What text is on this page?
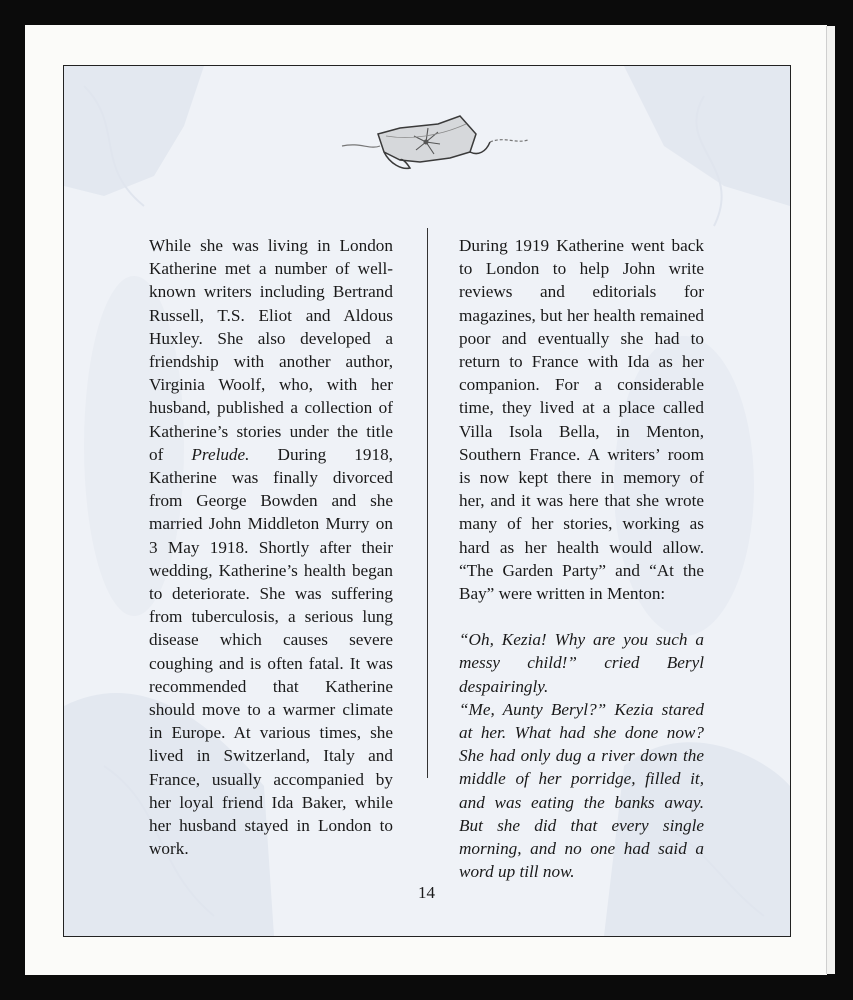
While she was living in London Katherine met a number of well-known writers including Bertrand Russell, T.S. Eliot and Aldous Huxley. She also developed a friendship with another author, Virginia Woolf, who, with her husband, published a collection of Katherine’s stories under the title of Prelude. During 1918, Katherine was finally divorced from George Bowden and she married John Middleton Murry on 3 May 1918. Shortly after their wedding, Katherine’s health began to deteriorate. She was suffering from tuberculosis, a serious lung disease which causes severe coughing and is often fatal. It was recommended that Katherine should move to a warmer climate in Europe. At various times, she lived in Switzerland, Italy and France, usually accompanied by her loyal friend Ida Baker, while her husband stayed in London to work.

During 1919 Katherine went back to London to help John write reviews and editorials for magazines, but her health remained poor and eventually she had to return to France with Ida as her companion. For a considerable time, they lived at a place called Villa Isola Bella, in Menton, Southern France. A writers’ room is now kept there in memory of her, and it was here that she wrote many of her stories, working as hard as her health would allow. “The Garden Party” and “At the Bay” were written in Menton:

“Oh, Kezia! Why are you such a messy child!” cried Beryl despairingly.

“Me, Aunty Beryl?” Kezia stared at her. What had she done now? She had only dug a river down the middle of her porridge, filled it, and was eating the banks away. But she did that every single morning, and no one had said a word up till now.

14
